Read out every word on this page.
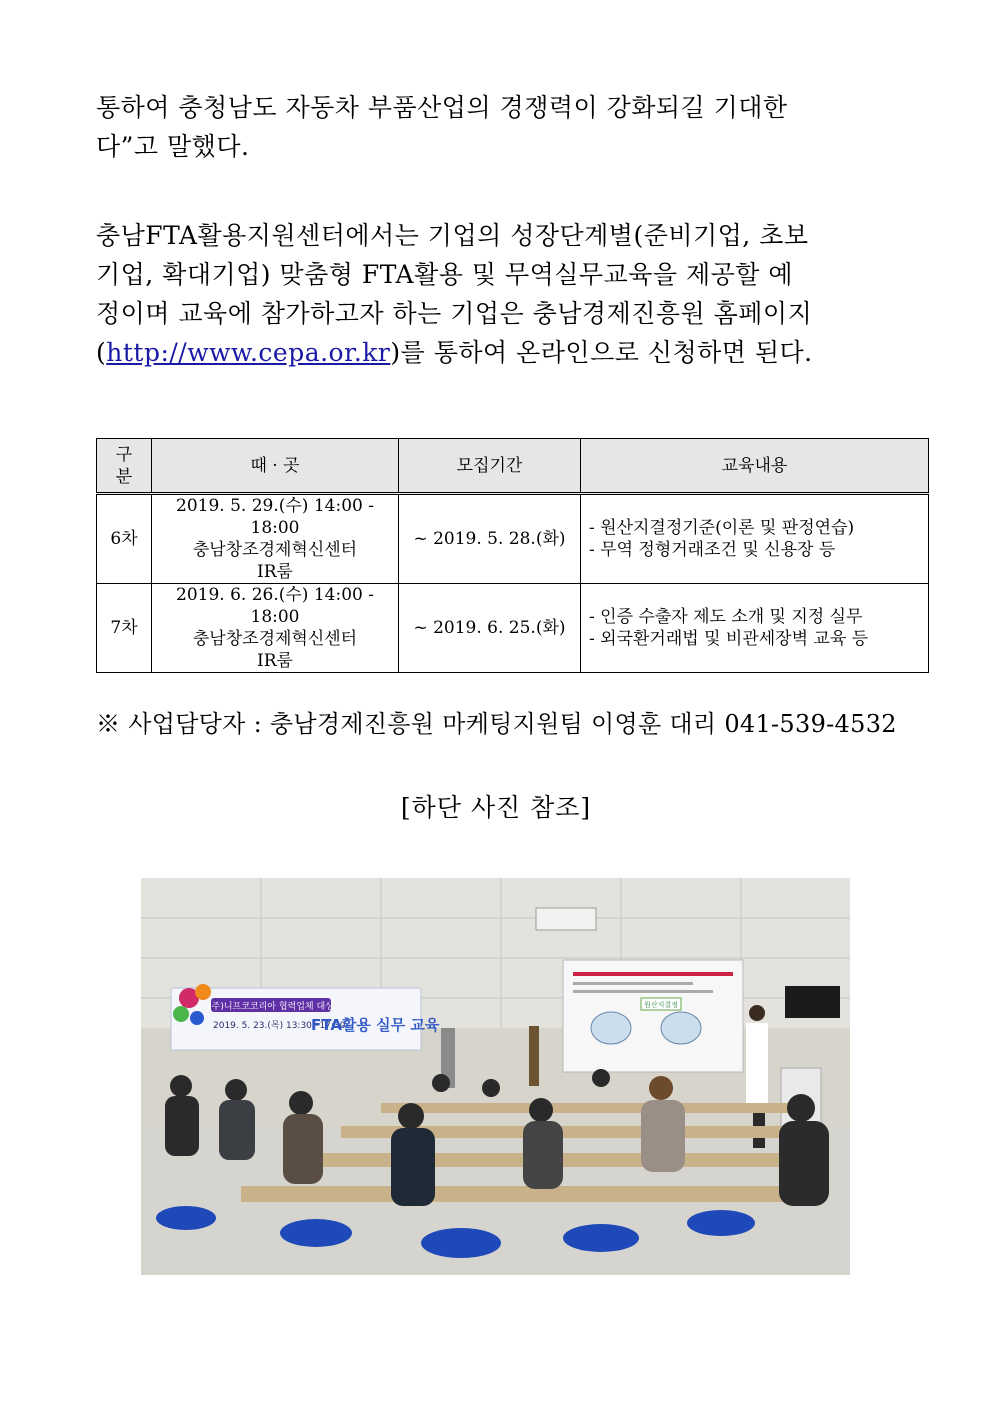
통하여 충청남도 자동차 부품산업의 경쟁력이 강화되길 기대한
다”고 말했다.
충남FTA활용지원센터에서는 기업의 성장단계별(준비기업, 초보
기업, 확대기업) 맞춤형 FTA활용 및 무역실무교육을 제공할 예
정이며 교육에 참가하고자 하는 기업은 충남경제진흥원 홈페이지
(http://www.cepa.or.kr)를 통하여 온라인으로 신청하면 된다.
구
분	때 · 곳	모집기간	교육내용
6차	2019. 5. 29.(수) 14:00 - 18:00
충남창조경제혁신센터
IR룸	~ 2019. 5. 28.(화)	- 원산지결정기준(이론 및 판정연습)
- 무역 정형거래조건 및 신용장 등

7차	2019. 6. 26.(수) 14:00 - 18:00
충남창조경제혁신센터
IR룸	~ 2019. 6. 25.(화)	- 인증 수출자 제도 소개 및 지정 실무
- 외국환거래법 및 비관세장벽 교육 등
※ 사업담당자 : 충남경제진흥원 마케팅지원팀 이영훈 대리 041-539-4532
[하단 사진 참조]
원산지결정
(주)니프코코리아 협력업체 대상
2019. 5. 23.(목) 13:30~17:30
FTA활용 실무 교육
